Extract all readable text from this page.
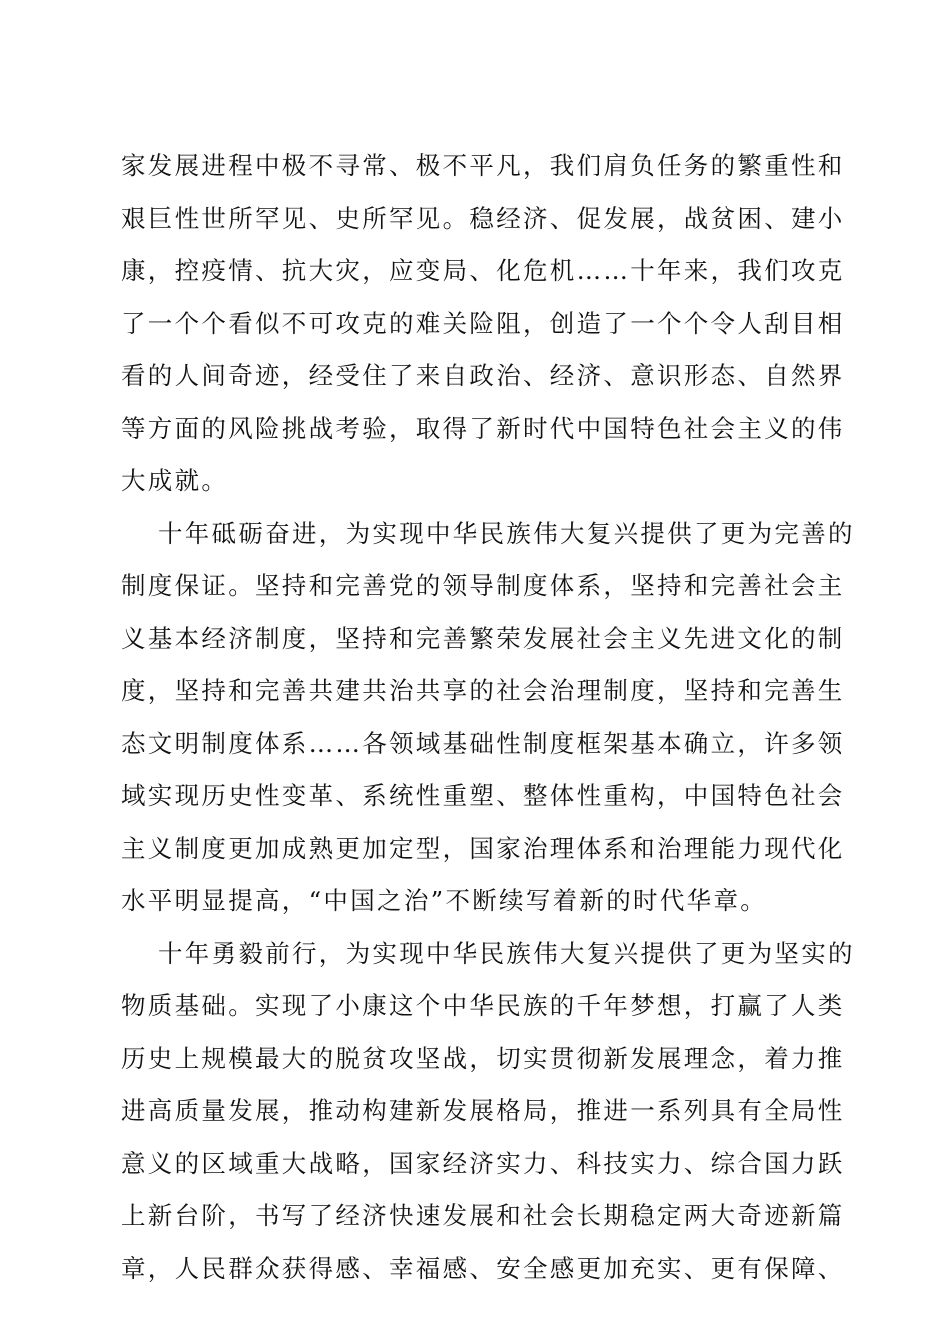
家发展进程中极不寻常、极不平凡，我们肩负任务的繁重性和
艰巨性世所罕见、史所罕见。稳经济、促发展，战贫困、建小
康，控疫情、抗大灾，应变局、化危机……十年来，我们攻克
了一个个看似不可攻克的难关险阻，创造了一个个令人刮目相
看的人间奇迹，经受住了来自政治、经济、意识形态、自然界
等方面的风险挑战考验，取得了新时代中国特色社会主义的伟
大成就。
十年砥砺奋进，为实现中华民族伟大复兴提供了更为完善的
制度保证。坚持和完善党的领导制度体系，坚持和完善社会主
义基本经济制度，坚持和完善繁荣发展社会主义先进文化的制
度，坚持和完善共建共治共享的社会治理制度，坚持和完善生
态文明制度体系……各领域基础性制度框架基本确立，许多领
域实现历史性变革、系统性重塑、整体性重构，中国特色社会
主义制度更加成熟更加定型，国家治理体系和治理能力现代化
水平明显提高，“中国之治”不断续写着新的时代华章。
十年勇毅前行，为实现中华民族伟大复兴提供了更为坚实的
物质基础。实现了小康这个中华民族的千年梦想，打赢了人类
历史上规模最大的脱贫攻坚战，切实贯彻新发展理念，着力推
进高质量发展，推动构建新发展格局，推进一系列具有全局性
意义的区域重大战略，国家经济实力、科技实力、综合国力跃
上新台阶，书写了经济快速发展和社会长期稳定两大奇迹新篇
章，人民群众获得感、幸福感、安全感更加充实、更有保障、
